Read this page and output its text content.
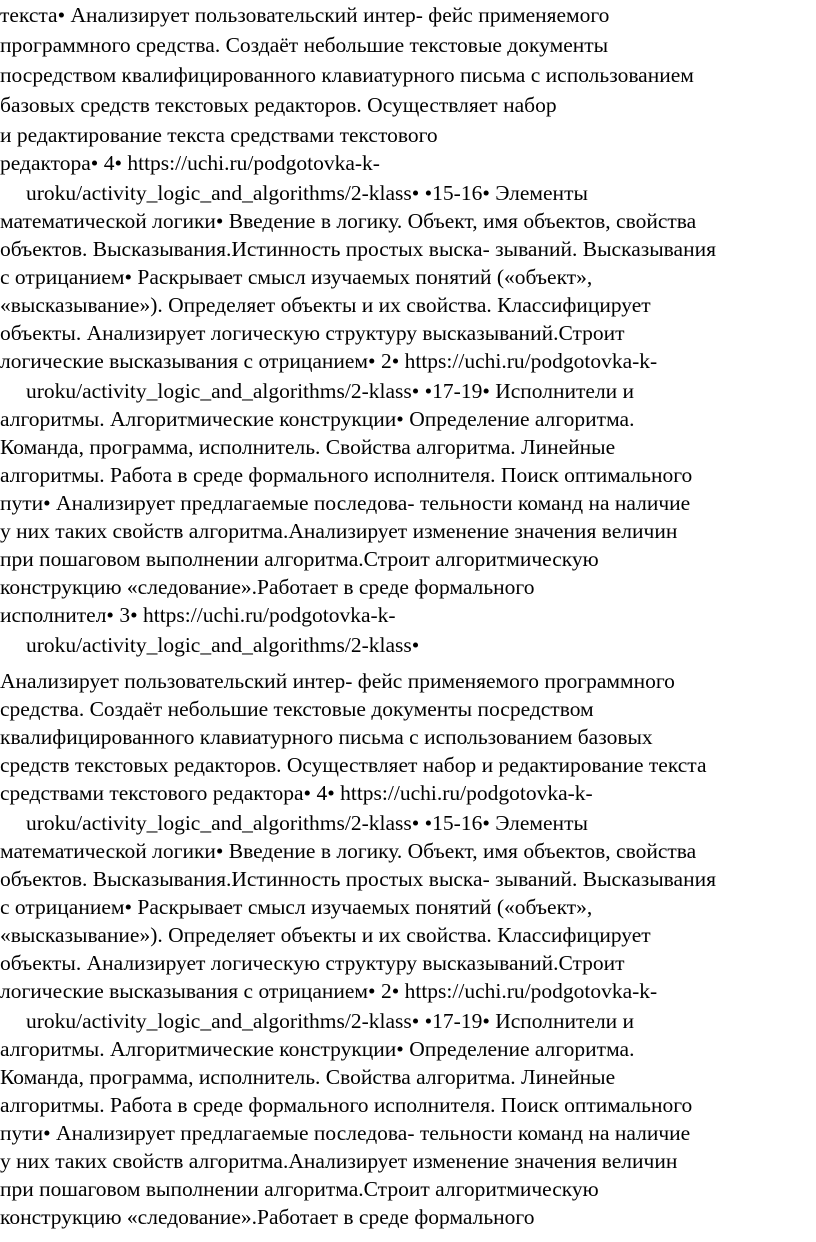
текста• Анализирует пользовательский интер- фейс применяемого
программного средства. Создаёт небольшие текстовые документы
посредством квалифицированного клавиатурного письма с использованием
базовых средств текстовых редакторов. Осуществляет набор
и редактирование текста средствами текстового
редактора• 4• https://uchi.ru/podgotovka-k-
uroku/activity_logic_and_algorithms/2-klass• •15-16• Элементы
математической логики• Введение в логику. Объект, имя объектов, свойства
объектов. Высказывания.Истинность простых выска- зываний. Высказывания
с отрицанием• Раскрывает смысл изучаемых понятий («объект»,
«высказывание»). Определяет объекты и их свойства. Классифицирует
объекты. Анализирует логическую структуру высказываний.Строит
логические высказывания с отрицанием• 2• https://uchi.ru/podgotovka-k-
uroku/activity_logic_and_algorithms/2-klass• •17-19• Исполнители и
алгоритмы. Алгоритмические конструкции• Определение алгоритма.
Команда, программа, исполнитель. Свойства алгоритма. Линейные
алгоритмы. Работа в среде формального исполнителя. Поиск оптимального
пути• Анализирует предлагаемые последова- тельности команд на наличие
у них таких свойств алгоритма.Анализирует изменение значения величин
при пошаговом выполнении алгоритма.Строит алгоритмическую
конструкцию «следование».Работает в среде формального
исполнител• 3• https://uchi.ru/podgotovka-k-
uroku/activity_logic_and_algorithms/2-klass•
Анализирует пользовательский интер- фейс применяемого программного
средства. Создаёт небольшие текстовые документы посредством
квалифицированного клавиатурного письма с использованием базовых
средств текстовых редакторов. Осуществляет набор и редактирование текста
средствами текстового редактора• 4• https://uchi.ru/podgotovka-k-
uroku/activity_logic_and_algorithms/2-klass• •15-16• Элементы
математической логики• Введение в логику. Объект, имя объектов, свойства
объектов. Высказывания.Истинность простых выска- зываний. Высказывания
с отрицанием• Раскрывает смысл изучаемых понятий («объект»,
«высказывание»). Определяет объекты и их свойства. Классифицирует
объекты. Анализирует логическую структуру высказываний.Строит
логические высказывания с отрицанием• 2• https://uchi.ru/podgotovka-k-
uroku/activity_logic_and_algorithms/2-klass• •17-19• Исполнители и
алгоритмы. Алгоритмические конструкции• Определение алгоритма.
Команда, программа, исполнитель. Свойства алгоритма. Линейные
алгоритмы. Работа в среде формального исполнителя. Поиск оптимального
пути• Анализирует предлагаемые последова- тельности команд на наличие
у них таких свойств алгоритма.Анализирует изменение значения величин
при пошаговом выполнении алгоритма.Строит алгоритмическую
конструкцию «следование».Работает в среде формального
